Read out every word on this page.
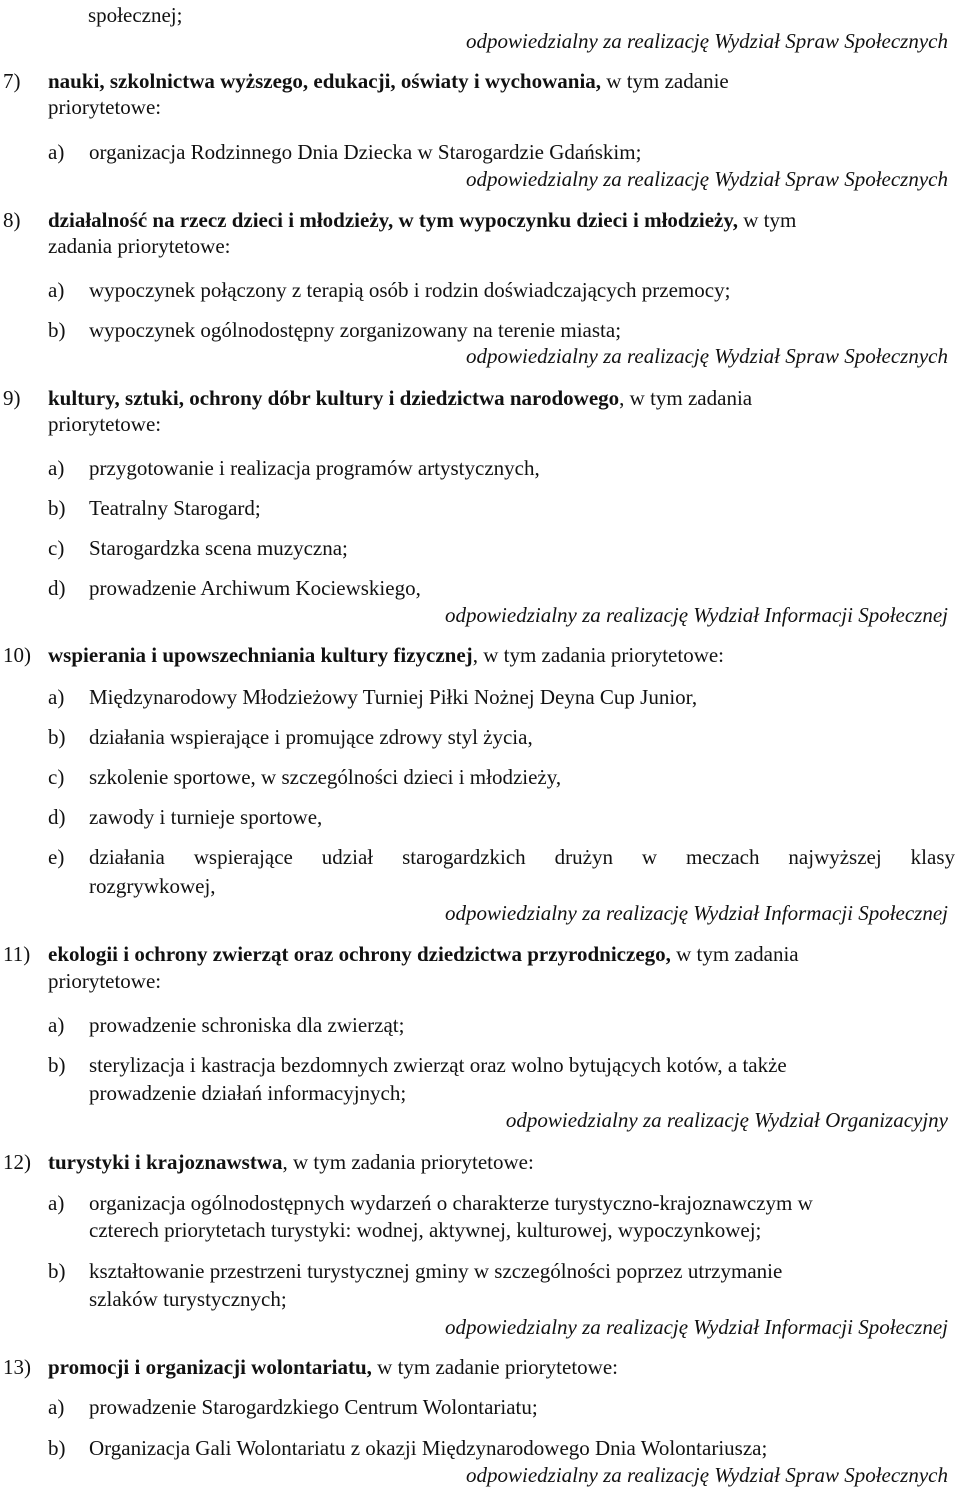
społecznej;
odpowiedzialny za realizację Wydział Spraw Społecznych
7) nauki, szkolnictwa wyższego, edukacji, oświaty i wychowania, w tym zadanie
priorytetowe:
a) organizacja Rodzinnego Dnia Dziecka w Starogardzie Gdańskim;
odpowiedzialny za realizację Wydział Spraw Społecznych
8) działalność na rzecz dzieci i młodzieży, w tym wypoczynku dzieci i młodzieży, w tym
zadania priorytetowe:
a) wypoczynek połączony z terapią osób i rodzin doświadczających przemocy;
b) wypoczynek ogólnodostępny zorganizowany na terenie miasta;
odpowiedzialny za realizację Wydział Spraw Społecznych
9) kultury, sztuki, ochrony dóbr kultury i dziedzictwa narodowego, w tym zadania
priorytetowe:
a) przygotowanie i realizacja programów artystycznych,
b) Teatralny Starogard;
c) Starogardzka scena muzyczna;
d) prowadzenie Archiwum Kociewskiego,
odpowiedzialny za realizację Wydział Informacji Społecznej
10) wspierania i upowszechniania kultury fizycznej, w tym zadania priorytetowe:
a) Międzynarodowy Młodzieżowy Turniej Piłki Nożnej Deyna Cup Junior,
b) działania wspierające i promujące zdrowy styl życia,
c) szkolenie sportowe, w szczególności dzieci i młodzieży,
d) zawody i turnieje sportowe,
e) działania wspierające udział starogardzkich drużyn w meczach najwyższej klasy
rozgrywkowej,
odpowiedzialny za realizację Wydział Informacji Społecznej
11) ekologii i ochrony zwierząt oraz ochrony dziedzictwa przyrodniczego, w tym zadania
priorytetowe:
a) prowadzenie schroniska dla zwierząt;
b) sterylizacja i kastracja bezdomnych zwierząt oraz wolno bytujących kotów, a także
prowadzenie działań informacyjnych;
odpowiedzialny za realizację Wydział Organizacyjny
12) turystyki i krajoznawstwa, w tym zadania priorytetowe:
a) organizacja ogólnodostępnych wydarzeń o charakterze turystyczno-krajoznawczym w
czterech priorytetach turystyki: wodnej, aktywnej, kulturowej, wypoczynkowej;
b) kształtowanie przestrzeni turystycznej gminy w szczególności poprzez utrzymanie
szlaków turystycznych;
odpowiedzialny za realizację Wydział Informacji Społecznej
13) promocji i organizacji wolontariatu, w tym zadanie priorytetowe:
a) prowadzenie Starogardzkiego Centrum Wolontariatu;
b) Organizacja Gali Wolontariatu z okazji Międzynarodowego Dnia Wolontariusza;
odpowiedzialny za realizację Wydział Spraw Społecznych
